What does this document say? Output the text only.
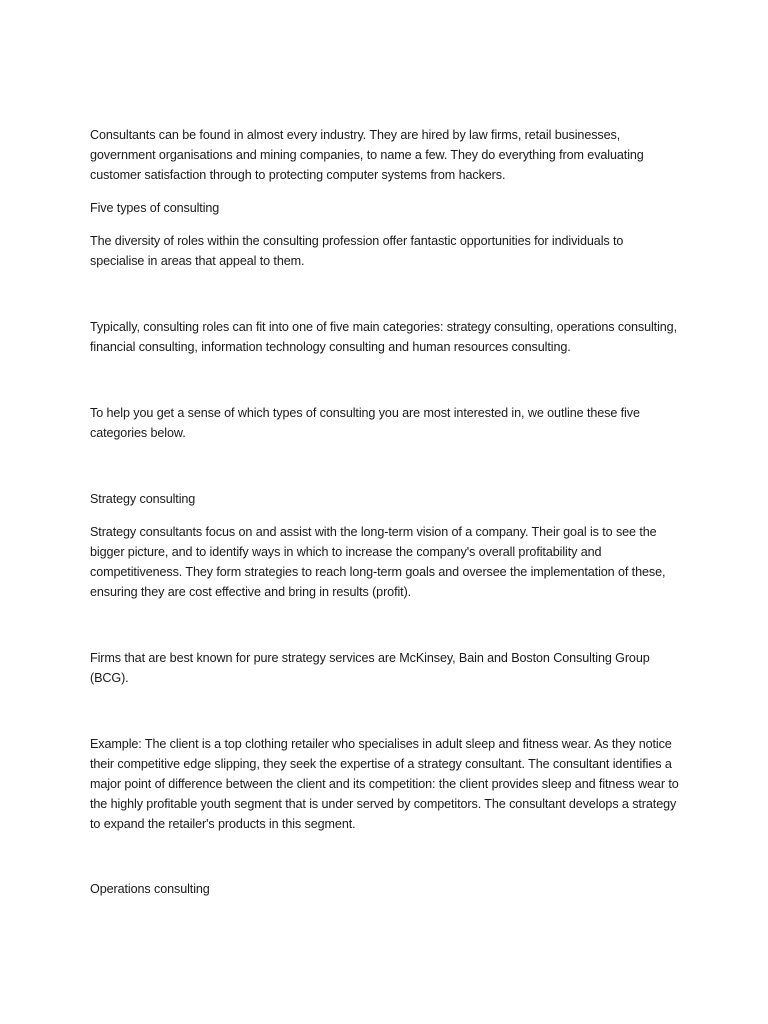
Consultants can be found in almost every industry. They are hired by law firms, retail businesses, government organisations and mining companies, to name a few. They do everything from evaluating customer satisfaction through to protecting computer systems from hackers.

Five types of consulting

The diversity of roles within the consulting profession offer fantastic opportunities for individuals to specialise in areas that appeal to them.

Typically, consulting roles can fit into one of five main categories: strategy consulting, operations consulting, financial consulting, information technology consulting and human resources consulting.

To help you get a sense of which types of consulting you are most interested in, we outline these five categories below.

Strategy consulting

Strategy consultants focus on and assist with the long-term vision of a company. Their goal is to see the bigger picture, and to identify ways in which to increase the company's overall profitability and competitiveness. They form strategies to reach long-term goals and oversee the implementation of these, ensuring they are cost effective and bring in results (profit).

Firms that are best known for pure strategy services are McKinsey, Bain and Boston Consulting Group (BCG).

Example: The client is a top clothing retailer who specialises in adult sleep and fitness wear. As they notice their competitive edge slipping, they seek the expertise of a strategy consultant. The consultant identifies a major point of difference between the client and its competition: the client provides sleep and fitness wear to the highly profitable youth segment that is under served by competitors. The consultant develops a strategy to expand the retailer's products in this segment.

Operations consulting
